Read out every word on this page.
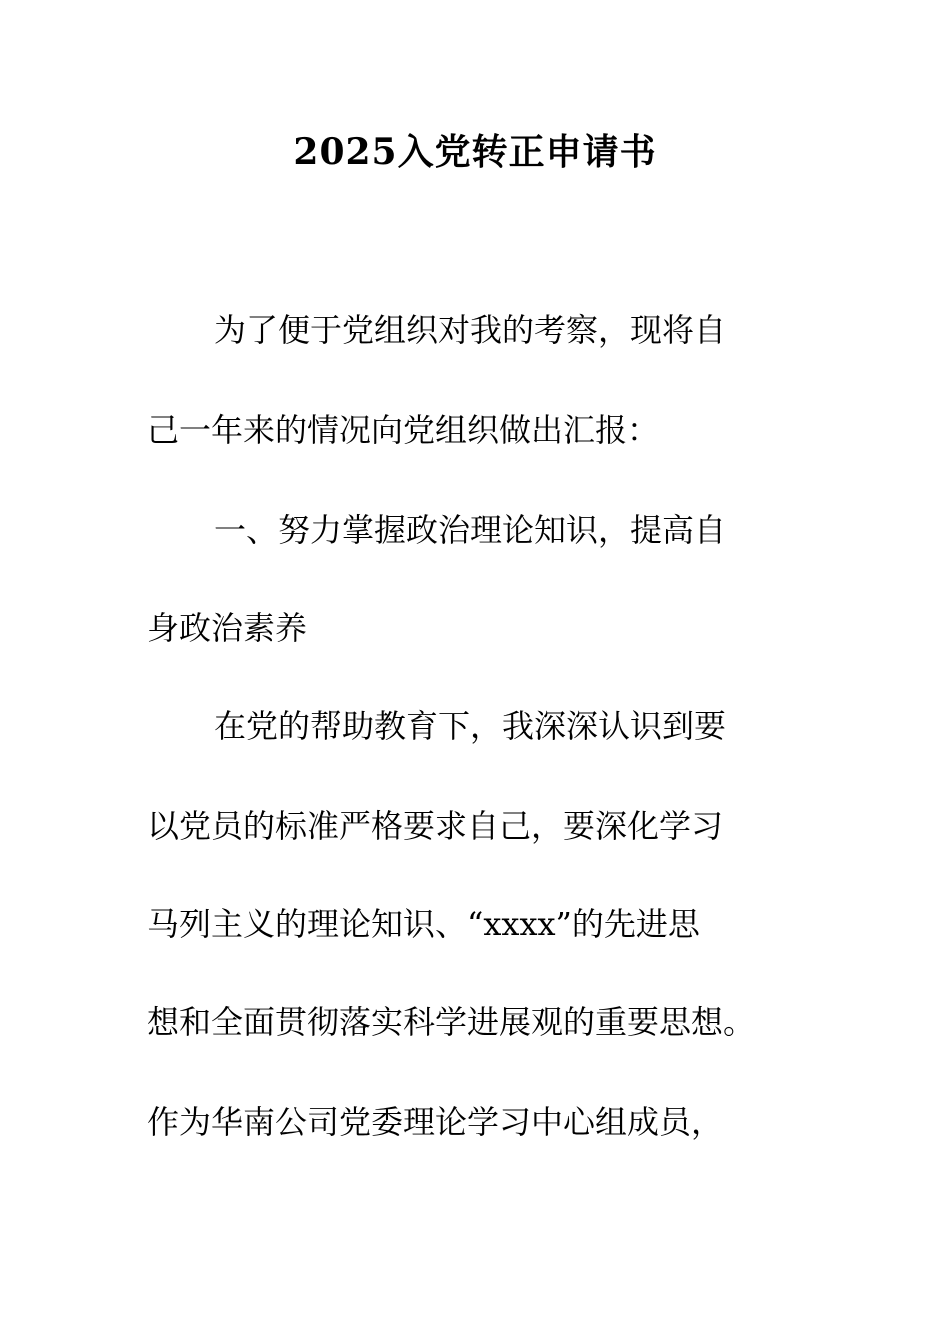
2025入党转正申请书

为了便于党组织对我的考察，现将自

己一年来的情况向党组织做出汇报：

一、努力掌握政治理论知识，提高自

身政治素养

在党的帮助教育下，我深深认识到要

以党员的标准严格要求自己，要深化学习

马列主义的理论知识、“xxxx”的先进思

想和全面贯彻落实科学进展观的重要思想。

作为华南公司党委理论学习中心组成员，
